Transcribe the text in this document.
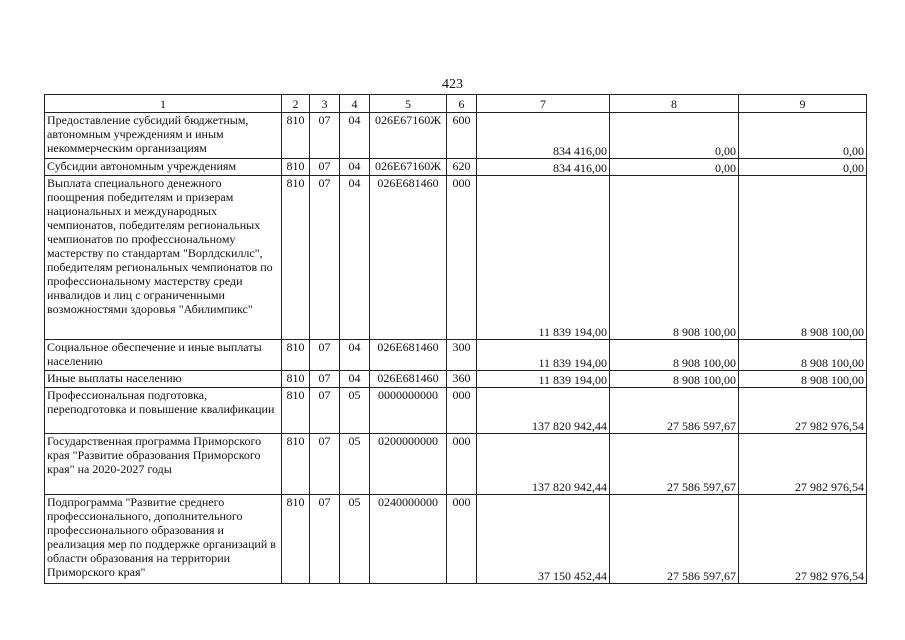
423
1	2	3	4	5	6	7	8	9
Предоставление субсидий бюджетным, автономным учреждениям и иным некоммерческим организациям	810	07	04	026Е67160Ж	600	834 416,00	0,00	0,00
Субсидии автономным учреждениям	810	07	04	026Е67160Ж	620	834 416,00	0,00	0,00
Выплата специального денежного поощрения победителям и призерам национальных и международных чемпионатов, победителям региональных чемпионатов по профессиональному мастерству по стандартам "Ворлдскиллс", победителям региональных чемпионатов по профессиональному мастерству среди инвалидов и лиц с ограниченными возможностями здоровья "Абилимпикс"	810	07	04	026Е681460	000	11 839 194,00	8 908 100,00	8 908 100,00
Социальное обеспечение и иные выплаты населению	810	07	04	026Е681460	300	11 839 194,00	8 908 100,00	8 908 100,00
Иные выплаты населению	810	07	04	026Е681460	360	11 839 194,00	8 908 100,00	8 908 100,00
Профессиональная подготовка, переподготовка и повышение квалификации	810	07	05	0000000000	000	137 820 942,44	27 586 597,67	27 982 976,54
Государственная программа Приморского края "Развитие образования Приморского края" на 2020-2027 годы	810	07	05	0200000000	000	137 820 942,44	27 586 597,67	27 982 976,54
Подпрограмма "Развитие среднего профессионального, дополнительного профессионального образования и реализация мер по поддержке организаций в области образования на территории Приморского края"	810	07	05	0240000000	000	37 150 452,44	27 586 597,67	27 982 976,54
